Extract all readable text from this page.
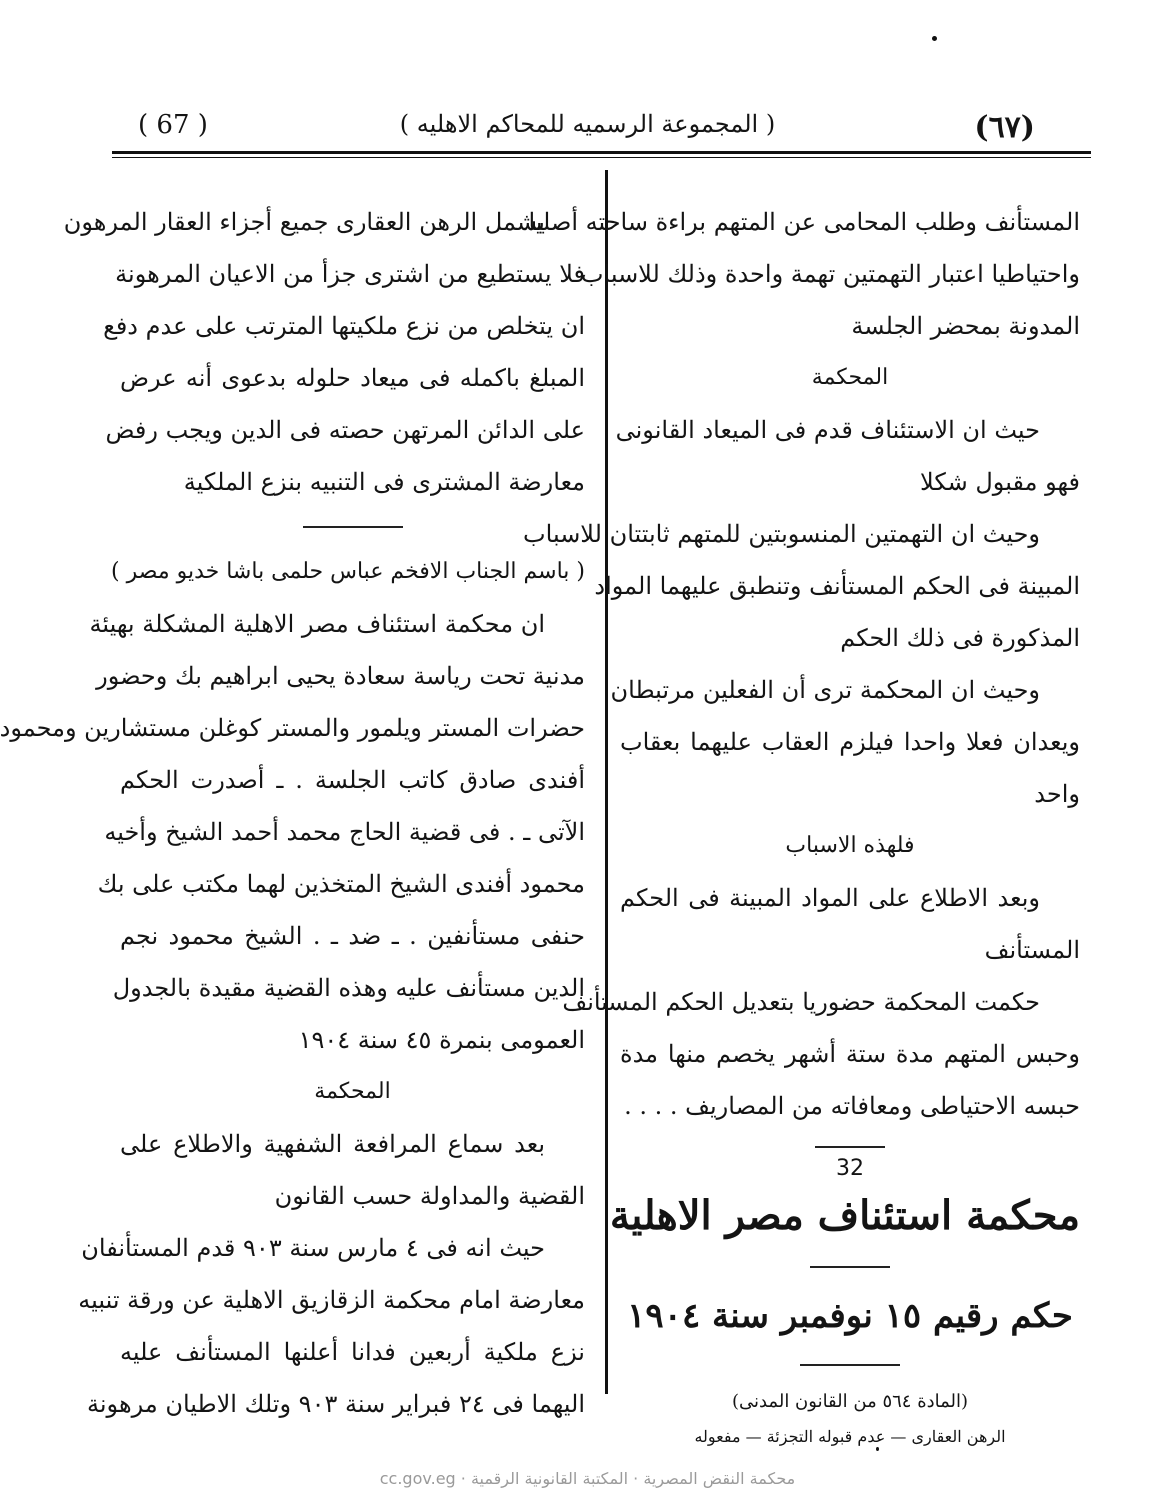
( 67 )	( المجموعة الرسميه للمحاكم الاهليه )	(٦٧)
المستأنف وطلب المحامى عن المتهم براءة ساحته أصليا
واحتياطيا اعتبار التهمتين تهمة واحدة وذلك للاسباب
المدونة بمحضر الجلسة
المحكمة
حيث ان الاستئناف قدم فى الميعاد القانونى
فهو مقبول شكلا
وحيث ان التهمتين المنسوبتين للمتهم ثابتتان للاسباب
المبينة فى الحكم المستأنف وتنطبق عليهما المواد
المذكورة فى ذلك الحكم
وحيث ان المحكمة ترى أن الفعلين مرتبطان
ويعدان فعلا واحدا فيلزم العقاب عليهما بعقاب
واحد
فلهذه الاسباب
وبعد الاطلاع على المواد المبينة فى الحكم
المستأنف
حكمت المحكمة حضوريا بتعديل الحكم المستأنف
وحبس المتهم مدة ستة أشهر يخصم منها مدة
حبسه الاحتياطى ومعافاته من المصاريف . . . .
32
محكمة استئناف مصر الاهلية
حكم رقيم ١٥ نوفمبر سنة ١٩٠٤
(المادة ٥٦٤ من القانون المدنى)
الرهن العقارى — عدم قبوله التجزئة — مفعوله
يشمل الرهن العقارى جميع أجزاء العقار المرهون
فلا يستطيع من اشترى جزأ من الاعيان المرهونة
ان يتخلص من نزع ملكيتها المترتب على عدم دفع
المبلغ باكمله فى ميعاد حلوله بدعوى أنه عرض
على الدائن المرتهن حصته فى الدين ويجب رفض
معارضة المشترى فى التنبيه بنزع الملكية
( باسم الجناب الافخم عباس حلمى باشا خديو مصر )
ان محكمة استئناف مصر الاهلية المشكلة بهيئة
مدنية تحت رياسة سعادة يحيى ابراهيم بك وحضور
حضرات المستر ويلمور والمستر كوغلن مستشارين ومحمود
أفندى صادق كاتب الجلسة . ـ أصدرت الحكم
الآتى ـ . فى قضية الحاج محمد أحمد الشيخ وأخيه
محمود أفندى الشيخ المتخذين لهما مكتب على بك
حنفى مستأنفين . ـ ضد ـ . الشيخ محمود نجم
الدين مستأنف عليه وهذه القضية مقيدة بالجدول
العمومى بنمرة ٤٥ سنة ١٩٠٤
المحكمة
بعد سماع المرافعة الشفهية والاطلاع على
القضية والمداولة حسب القانون
حيث انه فى ٤ مارس سنة ٩٠٣ قدم المستأنفان
معارضة امام محكمة الزقازيق الاهلية عن ورقة تنبيه
نزع ملكية أربعين فدانا أعلنها المستأنف عليه
اليهما فى ٢٤ فبراير سنة ٩٠٣ وتلك الاطيان مرهونة
cc.gov.eg · محكمة النقض المصرية · المكتبة القانونية الرقمية
